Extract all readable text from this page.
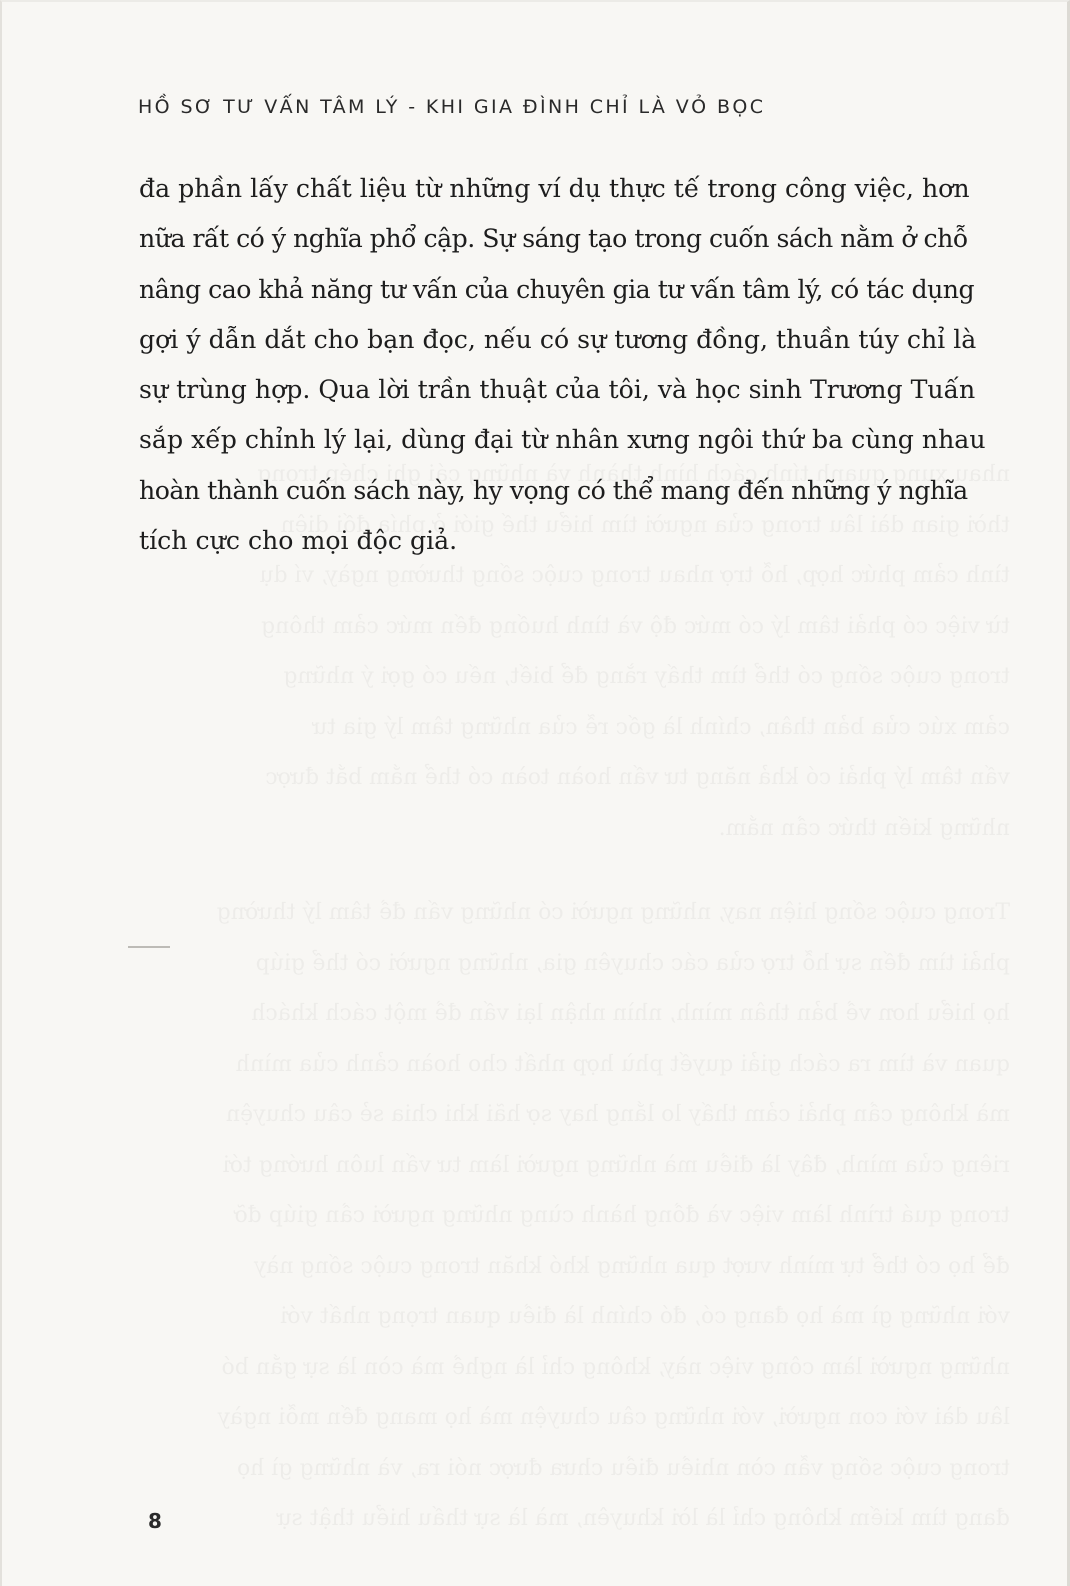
HỒ SƠ TƯ VẤN TÂM LÝ - KHI GIA ĐÌNH CHỈ LÀ VỎ BỌC
đa phần lấy chất liệu từ những ví dụ thực tế trong công việc, hơn
nữa rất có ý nghĩa phổ cập. Sự sáng tạo trong cuốn sách nằm ở chỗ
nâng cao khả năng tư vấn của chuyên gia tư vấn tâm lý, có tác dụng
gợi ý dẫn dắt cho bạn đọc, nếu có sự tương đồng, thuần túy chỉ là
sự trùng hợp. Qua lời trần thuật của tôi, và học sinh Trương Tuấn
sắp xếp chỉnh lý lại, dùng đại từ nhân xưng ngôi thứ ba cùng nhau
hoàn thành cuốn sách này, hy vọng có thể mang đến những ý nghĩa
tích cực cho mọi độc giả.
8
